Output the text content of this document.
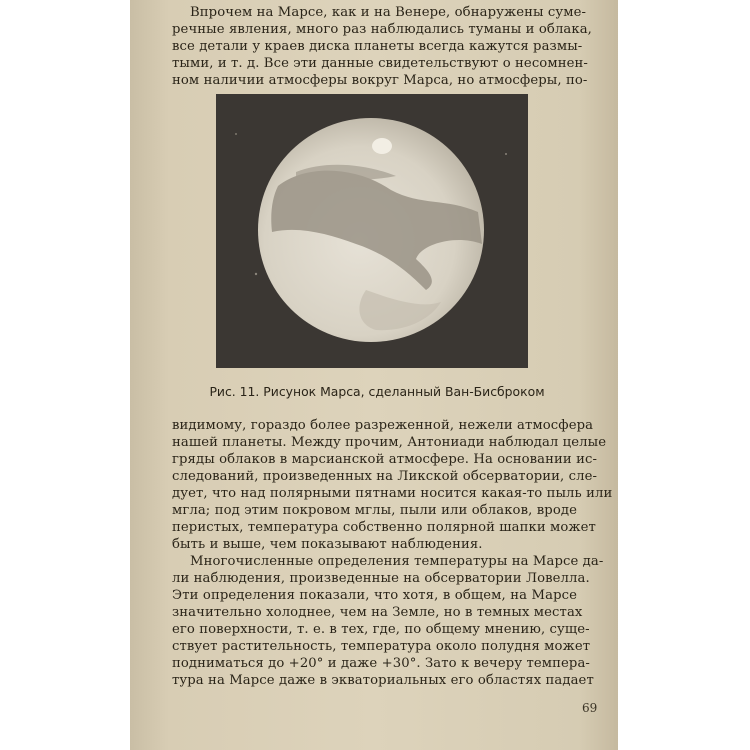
Впрочем на Марсе, как и на Венере, обнаружены суме-
речные явления, много раз наблюдались туманы и облака,
все детали у краев диска планеты всегда кажутся размы-
тыми, и т. д. Все эти данные свидетельствуют о несомнен-
ном наличии атмосферы вокруг Марса, но атмосферы, по-
Рис. 11. Рисунок Марса, сделанный Ван-Бисброком
видимому, гораздо более разреженной, нежели атмосфера
нашей планеты. Между прочим, Антониади наблюдал целые
гряды облаков в марсианской атмосфере. На основании ис-
следований, произведенных на Ликской обсерватории, сле-
дует, что над полярными пятнами носится какая-то пыль или
мгла; под этим покровом мглы, пыли или облаков, вроде
перистых, температура собственно полярной шапки может
быть и выше, чем показывают наблюдения.
Многочисленные определения температуры на Марсе да-
ли наблюдения, произведенные на обсерватории Ловелла.
Эти определения показали, что хотя, в общем, на Марсе
значительно холоднее, чем на Земле, но в темных местах
его поверхности, т. е. в тех, где, по общему мнению, суще-
ствует растительность, температура около полудня может
подниматься до +20° и даже +30°. Зато к вечеру темпера-
тура на Марсе даже в экваториальных его областях падает
69
